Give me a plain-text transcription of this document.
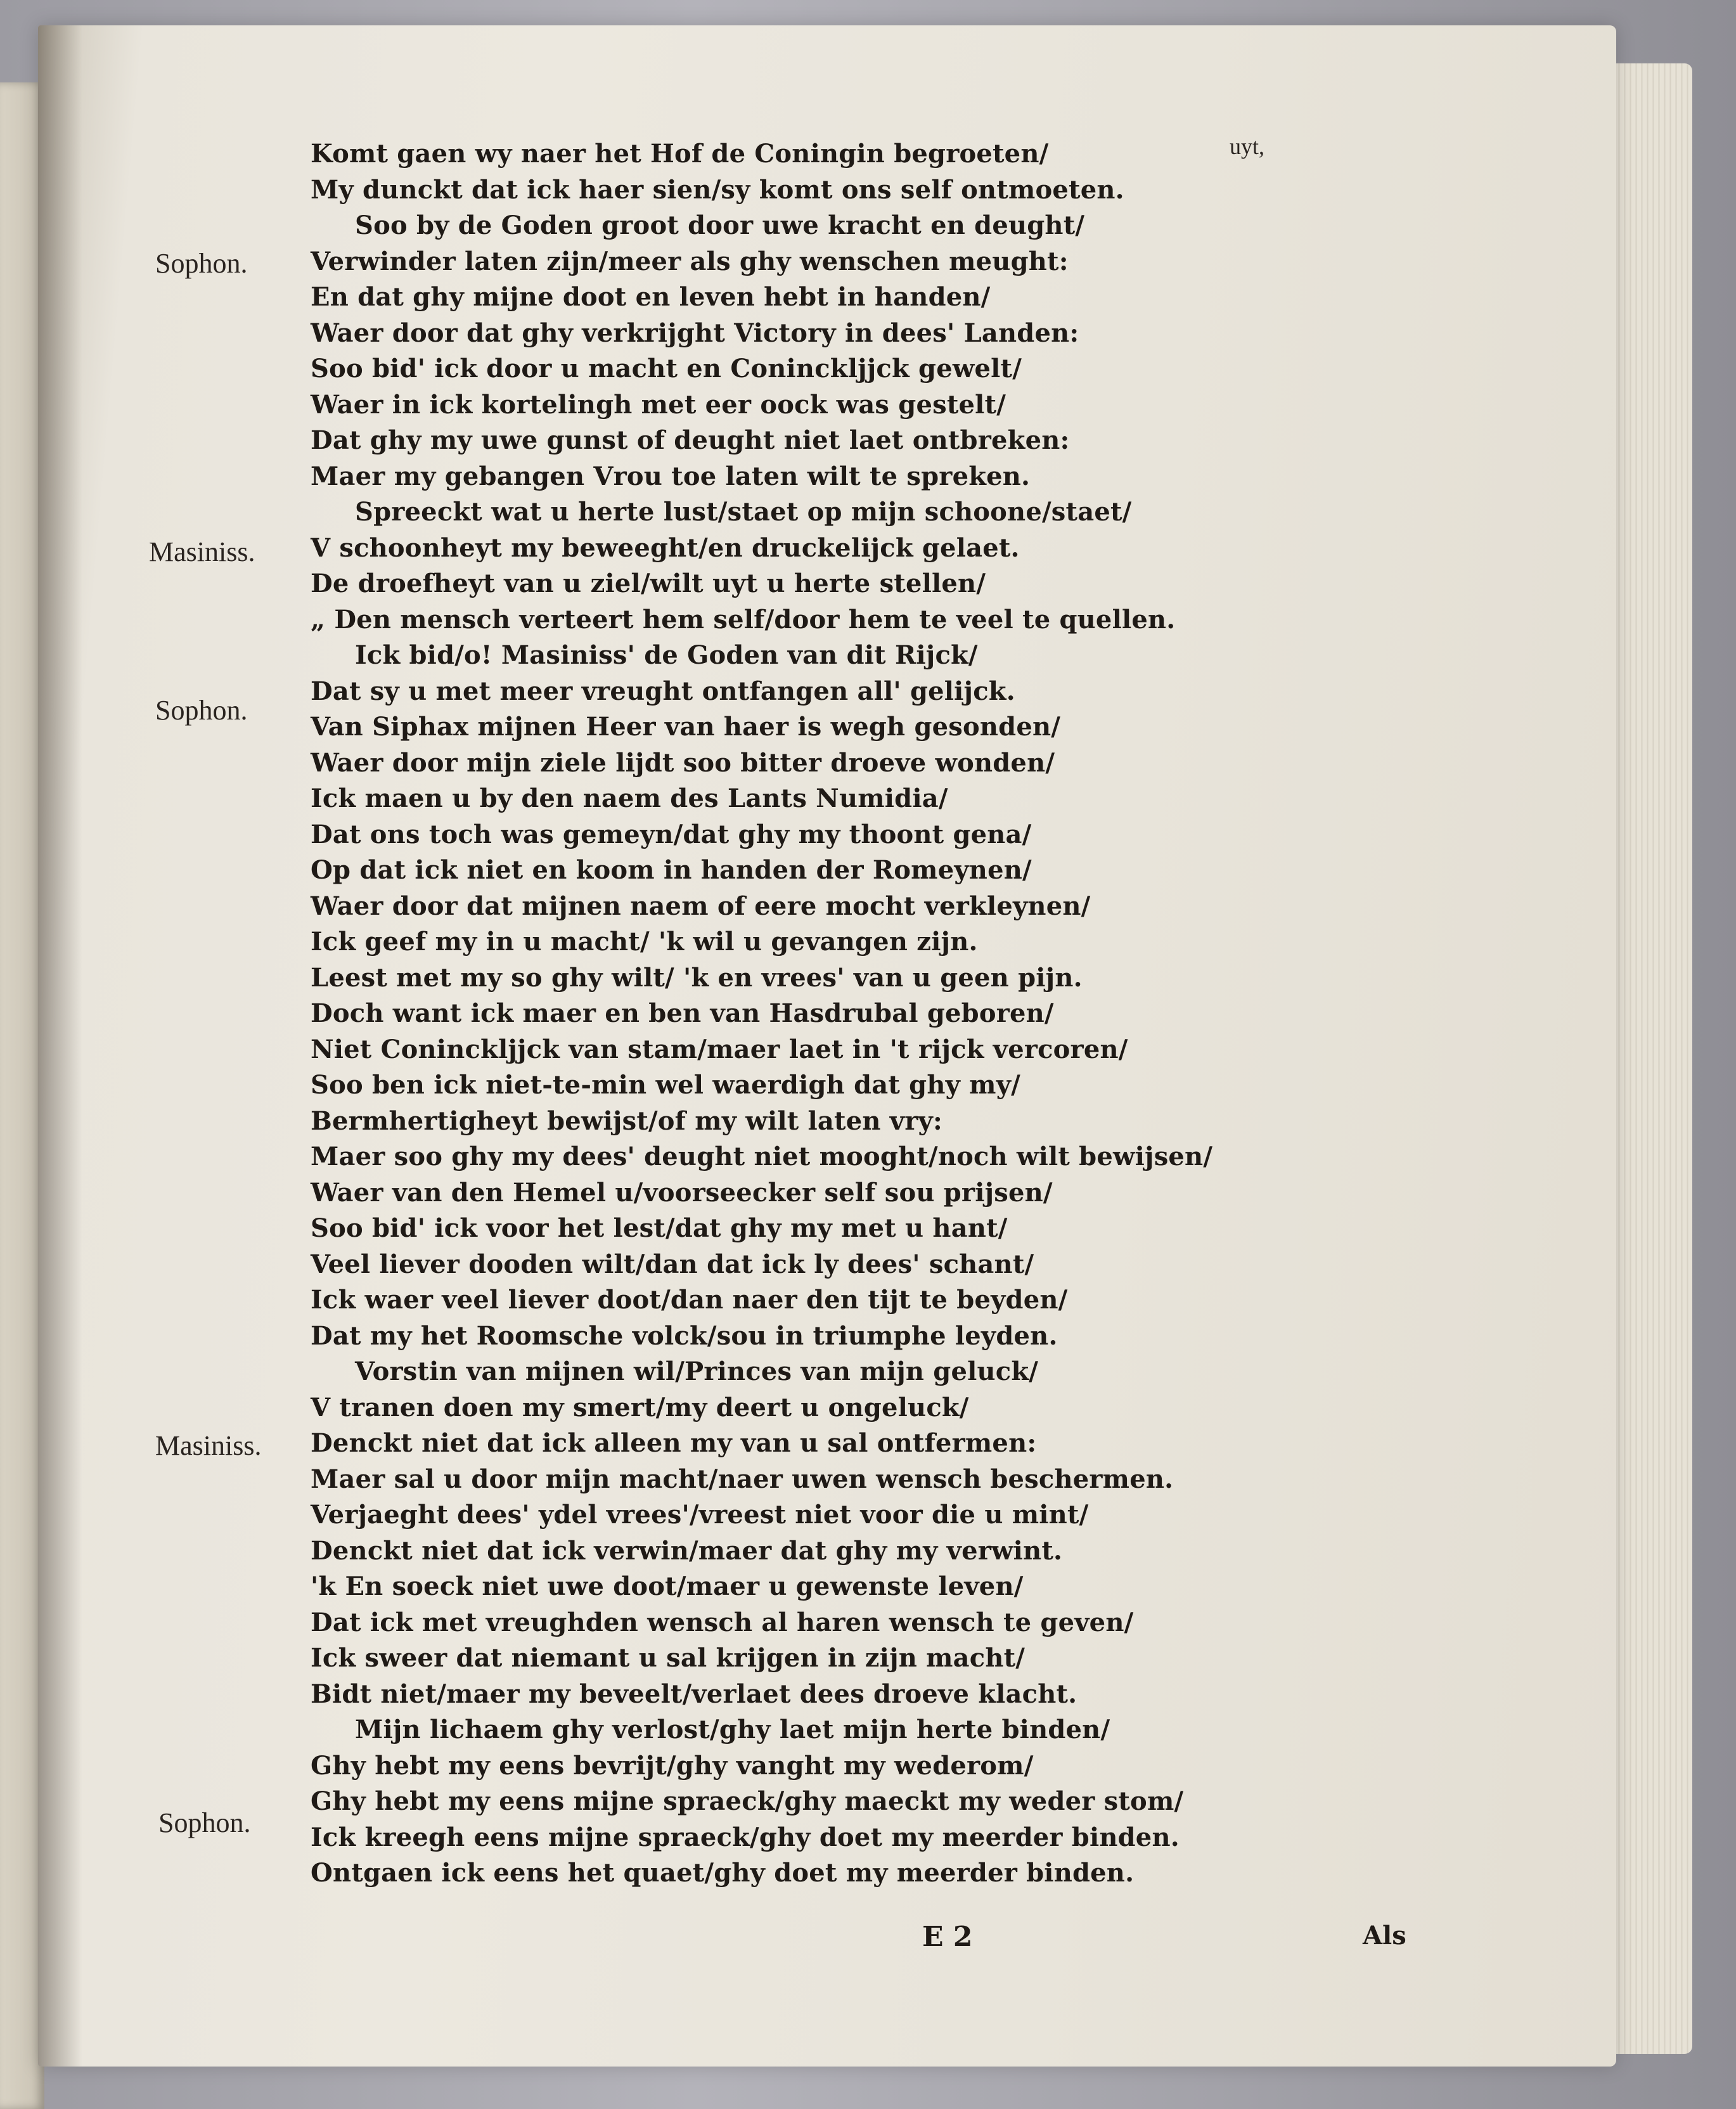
uyt,
Sophon.
Masiniss.
Sophon.
Masiniss.
Sophon.
Komt gaen wy naer het Hof de Coningin begroeten/
My dunckt dat ick haer sien/sy komt ons self ontmoeten.
Soo by de Goden groot door uwe kracht en deught/
Verwinder laten zijn/meer als ghy wenschen meught:
En dat ghy mijne doot en leven hebt in handen/
Waer door dat ghy verkrijght Victory in dees' Landen:
Soo bid' ick door u macht en Coninckljjck gewelt/
Waer in ick kortelingh met eer oock was gestelt/
Dat ghy my uwe gunst of deught niet laet ontbreken:
Maer my gebangen Vrou toe laten wilt te spreken.
Spreeckt wat u herte lust/staet op mijn schoone/staet/
V schoonheyt my beweeght/en druckelijck gelaet.
De droefheyt van u ziel/wilt uyt u herte stellen/
„ Den mensch verteert hem self/door hem te veel te quellen.
Ick bid/o! Masiniss' de Goden van dit Rijck/
Dat sy u met meer vreught ontfangen all' gelijck.
Van Siphax mijnen Heer van haer is wegh gesonden/
Waer door mijn ziele lijdt soo bitter droeve wonden/
Ick maen u by den naem des Lants Numidia/
Dat ons toch was gemeyn/dat ghy my thoont gena/
Op dat ick niet en koom in handen der Romeynen/
Waer door dat mijnen naem of eere mocht verkleynen/
Ick geef my in u macht/ 'k wil u gevangen zijn.
Leest met my so ghy wilt/ 'k en vrees' van u geen pijn.
Doch want ick maer en ben van Hasdrubal geboren/
Niet Coninckljjck van stam/maer laet in 't rijck vercoren/
Soo ben ick niet-te-min wel waerdigh dat ghy my/
Bermhertigheyt bewijst/of my wilt laten vry:
Maer soo ghy my dees' deught niet mooght/noch wilt bewijsen/
Waer van den Hemel u/voorseecker self sou prijsen/
Soo bid' ick voor het lest/dat ghy my met u hant/
Veel liever dooden wilt/dan dat ick ly dees' schant/
Ick waer veel liever doot/dan naer den tijt te beyden/
Dat my het Roomsche volck/sou in triumphe leyden.
Vorstin van mijnen wil/Princes van mijn geluck/
V tranen doen my smert/my deert u ongeluck/
Denckt niet dat ick alleen my van u sal ontfermen:
Maer sal u door mijn macht/naer uwen wensch beschermen.
Verjaeght dees' ydel vrees'/vreest niet voor die u mint/
Denckt niet dat ick verwin/maer dat ghy my verwint.
'k En soeck niet uwe doot/maer u gewenste leven/
Dat ick met vreughden wensch al haren wensch te geven/
Ick sweer dat niemant u sal krijgen in zijn macht/
Bidt niet/maer my beveelt/verlaet dees droeve klacht.
Mijn lichaem ghy verlost/ghy laet mijn herte binden/
Ghy hebt my eens bevrijt/ghy vanght my wederom/
Ghy hebt my eens mijne spraeck/ghy maeckt my weder stom/
Ick kreegh eens mijne spraeck/ghy doet my meerder binden.
Ontgaen ick eens het quaet/ghy doet my meerder binden.
E 2	Als
